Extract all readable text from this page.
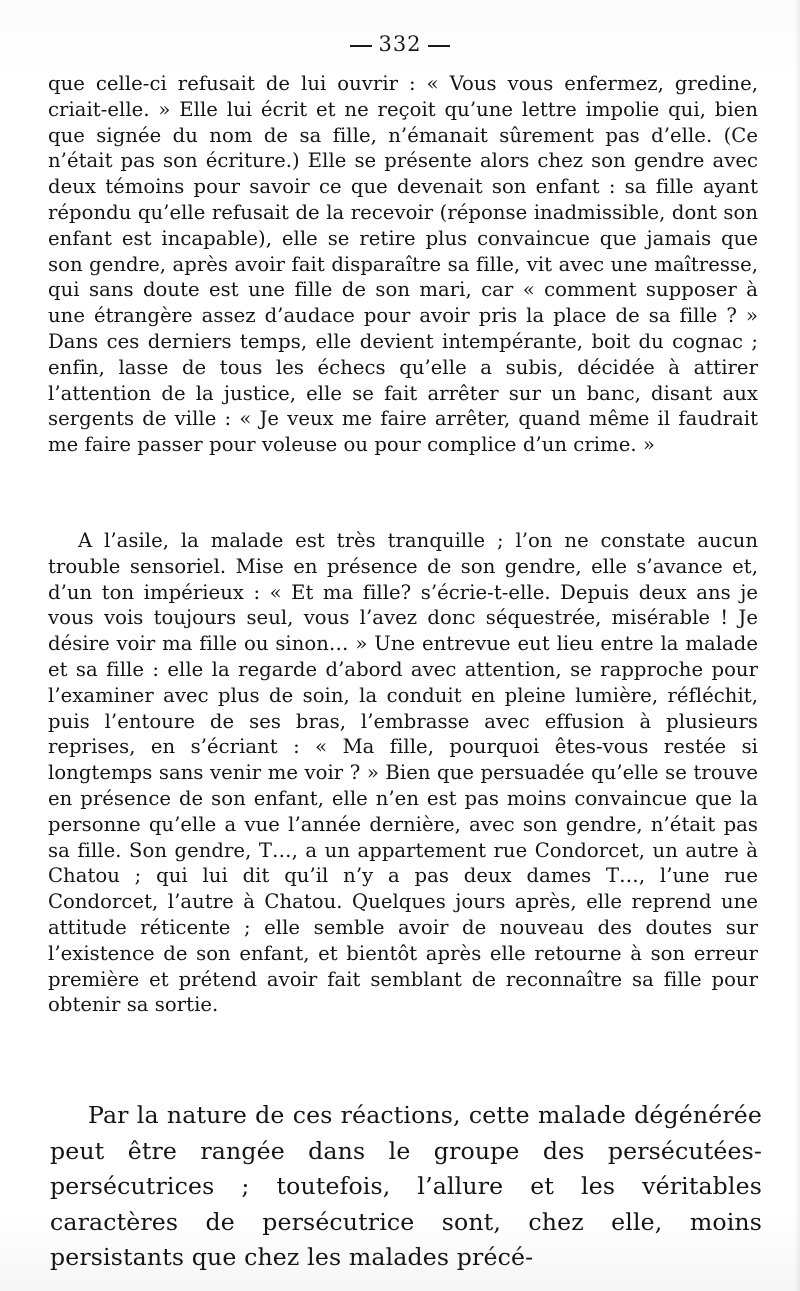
332

que celle-ci refusait de lui ouvrir : « Vous vous enfermez, gredine, criait-elle. » Elle lui écrit et ne reçoit qu’une lettre impolie qui, bien que signée du nom de sa fille, n’émanait sûrement pas d’elle. (Ce n’était pas son écriture.) Elle se présente alors chez son gendre avec deux témoins pour savoir ce que devenait son enfant : sa fille ayant répondu qu’elle refusait de la recevoir (réponse inadmissible, dont son enfant est incapable), elle se retire plus convaincue que jamais que son gendre, après avoir fait disparaître sa fille, vit avec une maîtresse, qui sans doute est une fille de son mari, car « comment supposer à une étrangère assez d’audace pour avoir pris la place de sa fille ? » Dans ces derniers temps, elle devient intempérante, boit du cognac ; enfin, lasse de tous les échecs qu’elle a subis, décidée à attirer l’attention de la justice, elle se fait arrêter sur un banc, disant aux sergents de ville : « Je veux me faire arrêter, quand même il faudrait me faire passer pour voleuse ou pour complice d’un crime. »

A l’asile, la malade est très tranquille ; l’on ne constate aucun trouble sensoriel. Mise en présence de son gendre, elle s’avance et, d’un ton impérieux : « Et ma fille? s’écrie-t-elle. Depuis deux ans je vous vois toujours seul, vous l’avez donc séquestrée, misérable ! Je désire voir ma fille ou sinon… » Une entrevue eut lieu entre la malade et sa fille : elle la regarde d’abord avec attention, se rapproche pour l’examiner avec plus de soin, la conduit en pleine lumière, réfléchit, puis l’entoure de ses bras, l’embrasse avec effusion à plusieurs reprises, en s’écriant : « Ma fille, pourquoi êtes-vous restée si longtemps sans venir me voir ? » Bien que persuadée qu’elle se trouve en présence de son enfant, elle n’en est pas moins convaincue que la personne qu’elle a vue l’année dernière, avec son gendre, n’était pas sa fille. Son gendre, T…, a un appartement rue Condorcet, un autre à Chatou ; qui lui dit qu’il n’y a pas deux dames T…, l’une rue Condorcet, l’autre à Chatou. Quelques jours après, elle reprend une attitude réticente ; elle semble avoir de nouveau des doutes sur l’existence de son enfant, et bientôt après elle retourne à son erreur première et prétend avoir fait semblant de reconnaître sa fille pour obtenir sa sortie.

Par la nature de ces réactions, cette malade dégénérée peut être rangée dans le groupe des persécutées-persécutrices ; toutefois, l’allure et les véritables caractères de persécutrice sont, chez elle, moins persistants que chez les malades précé-
